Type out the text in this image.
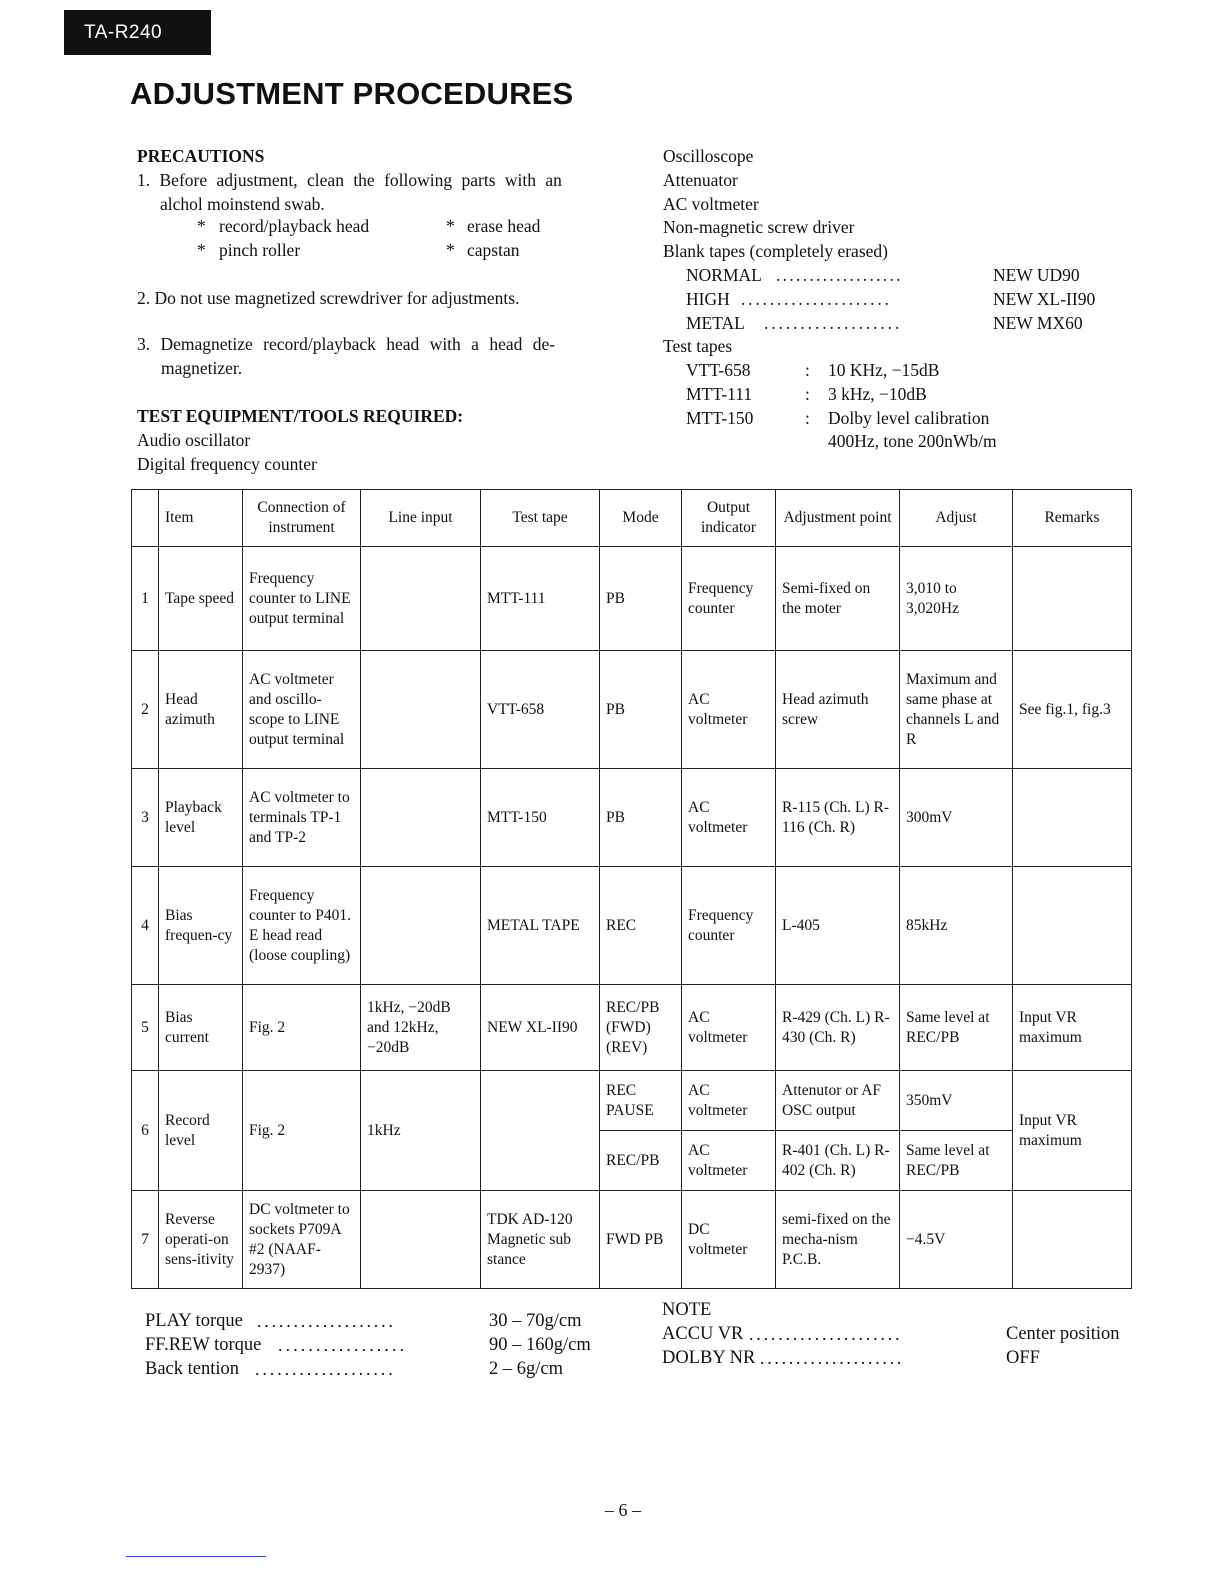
TA-R240
ADJUSTMENT PROCEDURES
PRECAUTIONS
1. Before adjustment, clean the following parts with an
alchol moinstend swab.
* record/playback head	* erase head
* pinch roller	* capstan
2. Do not use magnetized screwdriver for adjustments.
3. Demagnetize record/playback head with a head de-
magnetizer.
TEST EQUIPMENT/TOOLS REQUIRED:
Audio oscillator
Digital frequency counter
Oscilloscope
Attenuator
AC voltmeter
Non-magnetic screw driver
Blank tapes (completely erased)
NORMAL ...................	NEW UD90
HIGH .....................	NEW XL-II90
METAL ...................	NEW MX60
Test tapes
VTT-658	: 10 KHz, −15dB
MTT-111	: 3 kHz, −10dB
MTT-150	: Dolby level calibration
400Hz, tone 200nWb/m
	Item	Connection of instrument	Line input	Test tape	Mode	Output indicator	Adjustment point	Adjust	Remarks
1	Tape speed	Frequency counter to LINE output terminal		MTT-111	PB	Frequency counter	Semi-fixed on the moter	3,010 to 3,020Hz	
2	Head azimuth	AC voltmeter and oscillo-scope to LINE output terminal		VTT-658	PB	AC voltmeter	Head azimuth screw	Maximum and same phase at channels L and R	See fig.1, fig.3
3	Playback level	AC voltmeter to terminals TP-1 and TP-2		MTT-150	PB	AC voltmeter	R-115 (Ch. L) R-116 (Ch. R)	300mV	
4	Bias frequen-cy	Frequency counter to P401. E head read (loose coupling)		METAL TAPE	REC	Frequency counter	L-405	85kHz	
5	Bias current	Fig. 2	1kHz, −20dB and 12kHz, −20dB	NEW XL-II90	REC/PB (FWD) (REV)	AC voltmeter	R-429 (Ch. L) R-430 (Ch. R)	Same level at REC/PB	Input VR maximum
6	Record level	Fig. 2	1kHz		REC PAUSE	AC voltmeter	Attenutor or AF OSC output	350mV	Input VR maximum
					REC/PB	AC voltmeter	R-401 (Ch. L) R-402 (Ch. R)	Same level at REC/PB	
7	Reverse operati-on sens-itivity	DC voltmeter to sockets P709A #2 (NAAF-2937)		TDK AD-120 Magnetic sub stance	FWD PB	DC voltmeter	semi-fixed on the mecha-nism P.C.B.	−4.5V	
PLAY torque ...................	30 – 70g/cm
FF.REW torque .................	90 – 160g/cm
Back tention ...................	2 – 6g/cm
NOTE
ACCU VR .....................	Center position
DOLBY NR ....................	OFF
– 6 –
